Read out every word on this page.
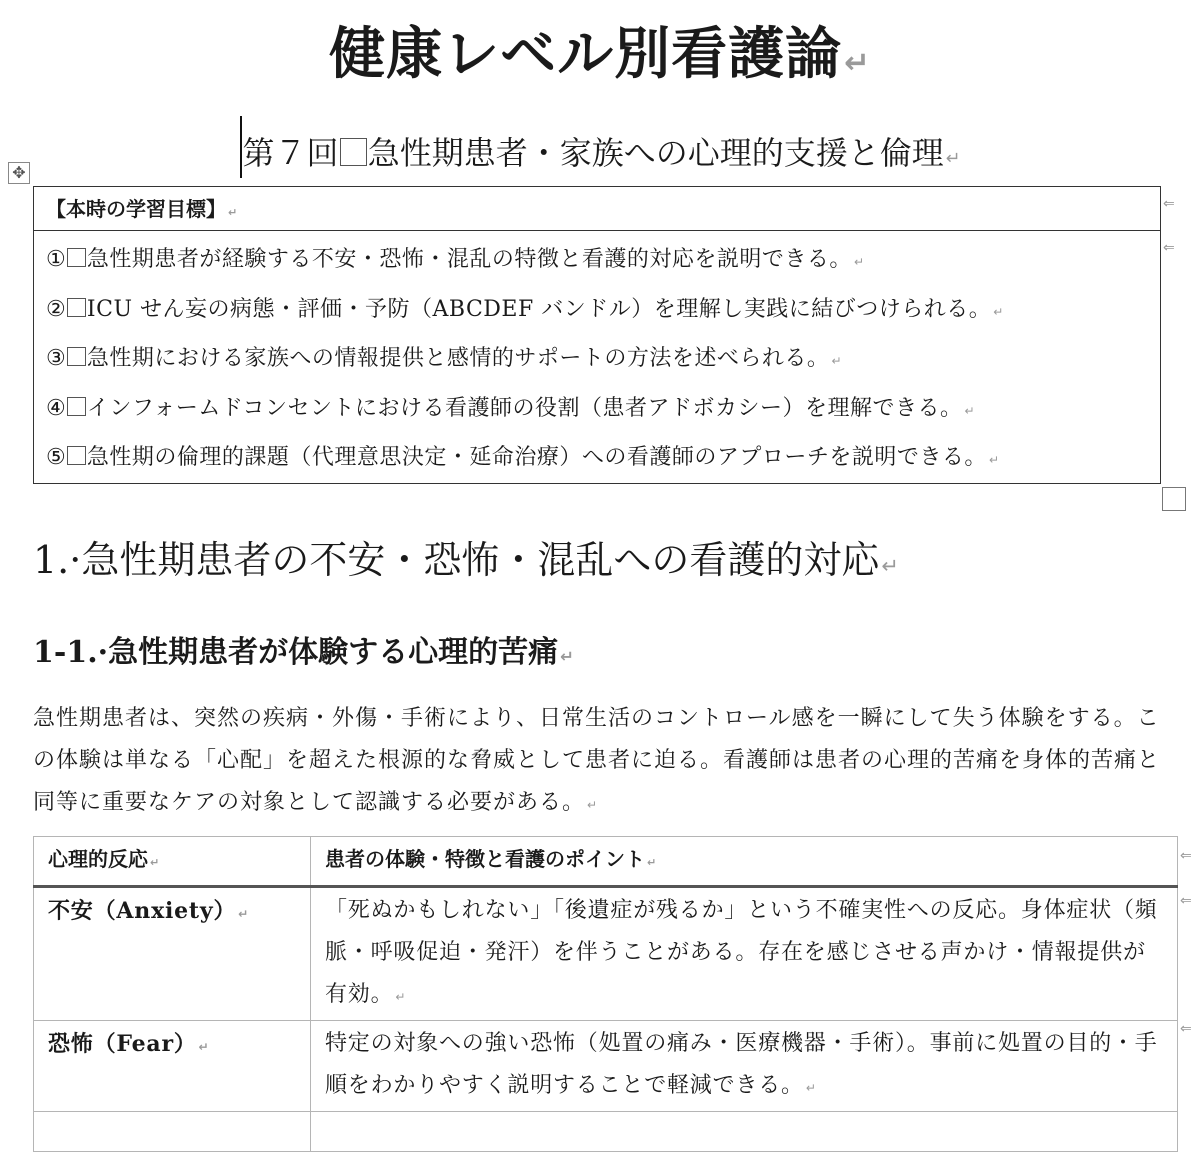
健康レベル別看護論↵
第７回 急性期患者・家族への心理的支援と倫理 ↵
✥
【本時の学習目標】 ↵
① 急性期患者が経験する不安・恐怖・混乱の特徴と看護的対応を説明できる。 ↵
② ICU せん妄の病態・評価・予防（ABCDEF バンドル）を理解し実践に結びつけられる。 ↵
③ 急性期における家族への情報提供と感情的サポートの方法を述べられる。 ↵
④ インフォームドコンセントにおける看護師の役割（患者アドボカシー）を理解できる。 ↵
⑤ 急性期の倫理的課題（代理意思決定・延命治療）への看護師のアプローチを説明できる。 ↵
⇐
⇐
1.·急性期患者の不安・恐怖・混乱への看護的対応↵
1-1.·急性期患者が体験する心理的苦痛 ↵

急性期患者は、突然の疾病・外傷・手術により、日常生活のコントロール感を一瞬にして失う体験をする。この体験は単なる「心配」を超えた根源的な脅威として患者に迫る。看護師は患者の心理的苦痛を身体的苦痛と同等に重要なケアの対象として認識する必要がある。 ↵

心理的反応 ↵	患者の体験・特徴と看護のポイント ↵
不安（Anxiety） ↵	「死ぬかもしれない」「後遺症が残るか」という不確実性への反応。身体症状（頻脈・呼吸促迫・発汗）を伴うことがある。存在を感じさせる声かけ・情報提供が有効。 ↵
恐怖（Fear） ↵	特定の対象への強い恐怖（処置の痛み・医療機器・手術）。事前に処置の目的・手順をわかりやすく説明することで軽減できる。 ↵

⇐
⇐
⇐
